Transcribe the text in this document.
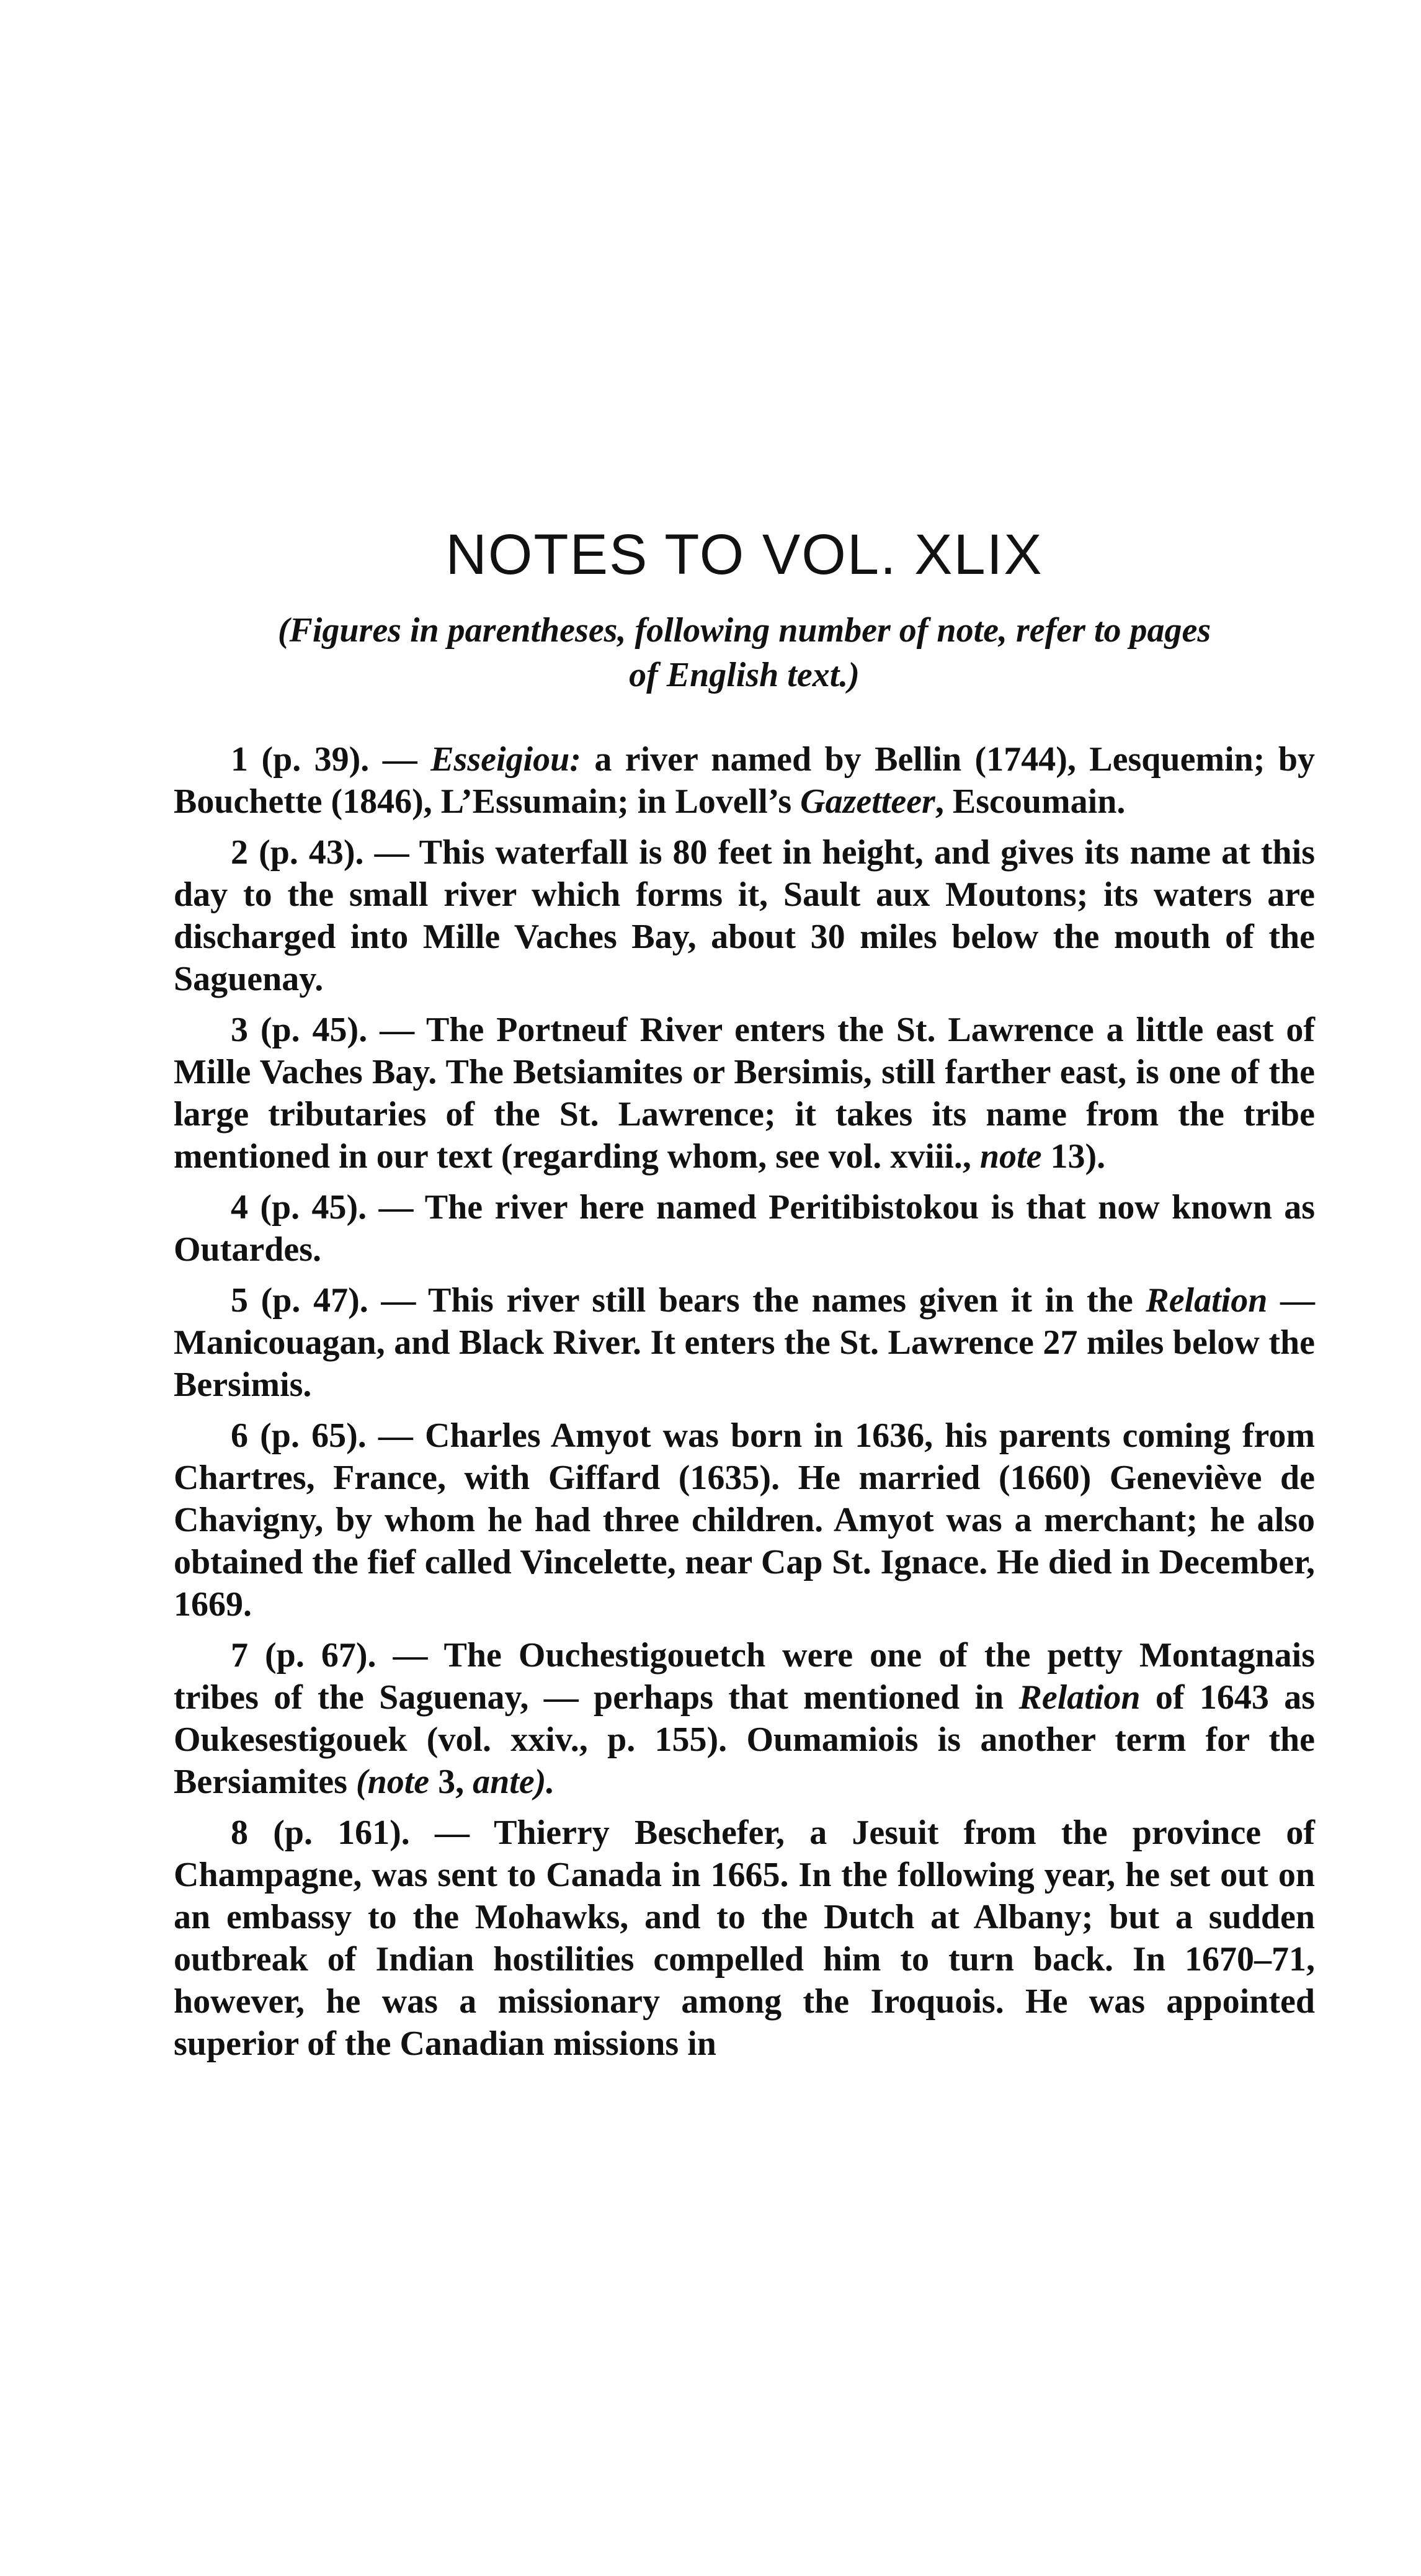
NOTES TO VOL. XLIX
(Figures in parentheses, following number of note, refer to pages
of English text.)

1 (p. 39). — Esseigiou: a river named by Bellin (1744), Lesquemin; by Bouchette (1846), L’Essumain; in Lovell’s Gazetteer, Escoumain.

2 (p. 43). — This waterfall is 80 feet in height, and gives its name at this day to the small river which forms it, Sault aux Moutons; its waters are discharged into Mille Vaches Bay, about 30 miles below the mouth of the Saguenay.

3 (p. 45). — The Portneuf River enters the St. Lawrence a little east of Mille Vaches Bay. The Betsiamites or Bersimis, still farther east, is one of the large tributaries of the St. Lawrence; it takes its name from the tribe mentioned in our text (regarding whom, see vol. xviii., note 13).

4 (p. 45). — The river here named Peritibistokou is that now known as Outardes.

5 (p. 47). — This river still bears the names given it in the Relation — Manicouagan, and Black River. It enters the St. Lawrence 27 miles below the Bersimis.

6 (p. 65). — Charles Amyot was born in 1636, his parents coming from Chartres, France, with Giffard (1635). He married (1660) Geneviève de Chavigny, by whom he had three children. Amyot was a merchant; he also obtained the fief called Vincelette, near Cap St. Ignace. He died in December, 1669.

7 (p. 67). — The Ouchestigouetch were one of the petty Montagnais tribes of the Saguenay, — perhaps that mentioned in Relation of 1643 as Oukesestigouek (vol. xxiv., p. 155). Oumamiois is another term for the Bersiamites (note 3, ante).

8 (p. 161). — Thierry Beschefer, a Jesuit from the province of Champagne, was sent to Canada in 1665. In the following year, he set out on an embassy to the Mohawks, and to the Dutch at Albany; but a sudden outbreak of Indian hostilities compelled him to turn back. In 1670–71, however, he was a missionary among the Iroquois. He was appointed superior of the Canadian missions in
